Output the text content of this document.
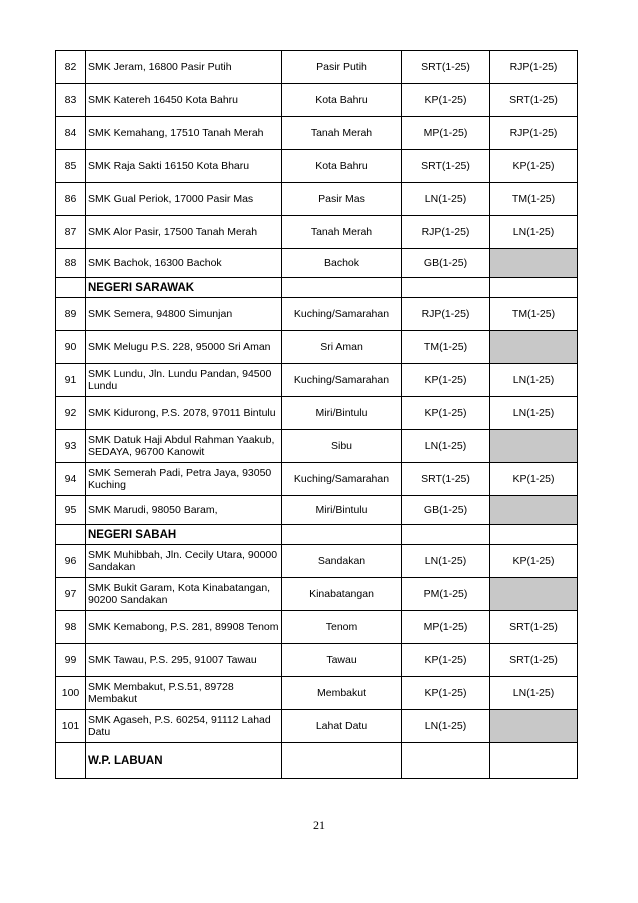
82	SMK Jeram, 16800 Pasir Putih	Pasir Putih	SRT(1-25)	RJP(1-25)
83	SMK Katereh 16450 Kota Bahru	Kota Bahru	KP(1-25)	SRT(1-25)
84	SMK Kemahang, 17510 Tanah Merah	Tanah Merah	MP(1-25)	RJP(1-25)
85	SMK Raja Sakti 16150 Kota Bharu	Kota Bahru	SRT(1-25)	KP(1-25)
86	SMK Gual Periok, 17000 Pasir Mas	Pasir Mas	LN(1-25)	TM(1-25)
87	SMK Alor Pasir, 17500 Tanah Merah	Tanah Merah	RJP(1-25)	LN(1-25)
88	SMK Bachok, 16300 Bachok	Bachok	GB(1-25)	
	NEGERI SARAWAK			
89	SMK Semera, 94800 Simunjan	Kuching/Samarahan	RJP(1-25)	TM(1-25)
90	SMK Melugu P.S. 228, 95000 Sri Aman	Sri Aman	TM(1-25)	
91	SMK Lundu, Jln. Lundu Pandan, 94500 Lundu	Kuching/Samarahan	KP(1-25)	LN(1-25)
92	SMK Kidurong, P.S. 2078, 97011 Bintulu	Miri/Bintulu	KP(1-25)	LN(1-25)
93	SMK Datuk Haji Abdul Rahman Yaakub, SEDAYA, 96700 Kanowit	Sibu	LN(1-25)	
94	SMK Semerah Padi, Petra Jaya, 93050 Kuching	Kuching/Samarahan	SRT(1-25)	KP(1-25)
95	SMK Marudi, 98050 Baram,	Miri/Bintulu	GB(1-25)	
	NEGERI SABAH			
96	SMK Muhibbah, Jln. Cecily Utara, 90000 Sandakan	Sandakan	LN(1-25)	KP(1-25)
97	SMK Bukit Garam, Kota Kinabatangan, 90200 Sandakan	Kinabatangan	PM(1-25)	
98	SMK Kemabong, P.S. 281, 89908 Tenom	Tenom	MP(1-25)	SRT(1-25)
99	SMK Tawau, P.S. 295, 91007 Tawau	Tawau	KP(1-25)	SRT(1-25)
100	SMK Membakut, P.S.51, 89728 Membakut	Membakut	KP(1-25)	LN(1-25)
101	SMK Agaseh, P.S. 60254, 91112 Lahad Datu	Lahat Datu	LN(1-25)	
	W.P. LABUAN			
21
